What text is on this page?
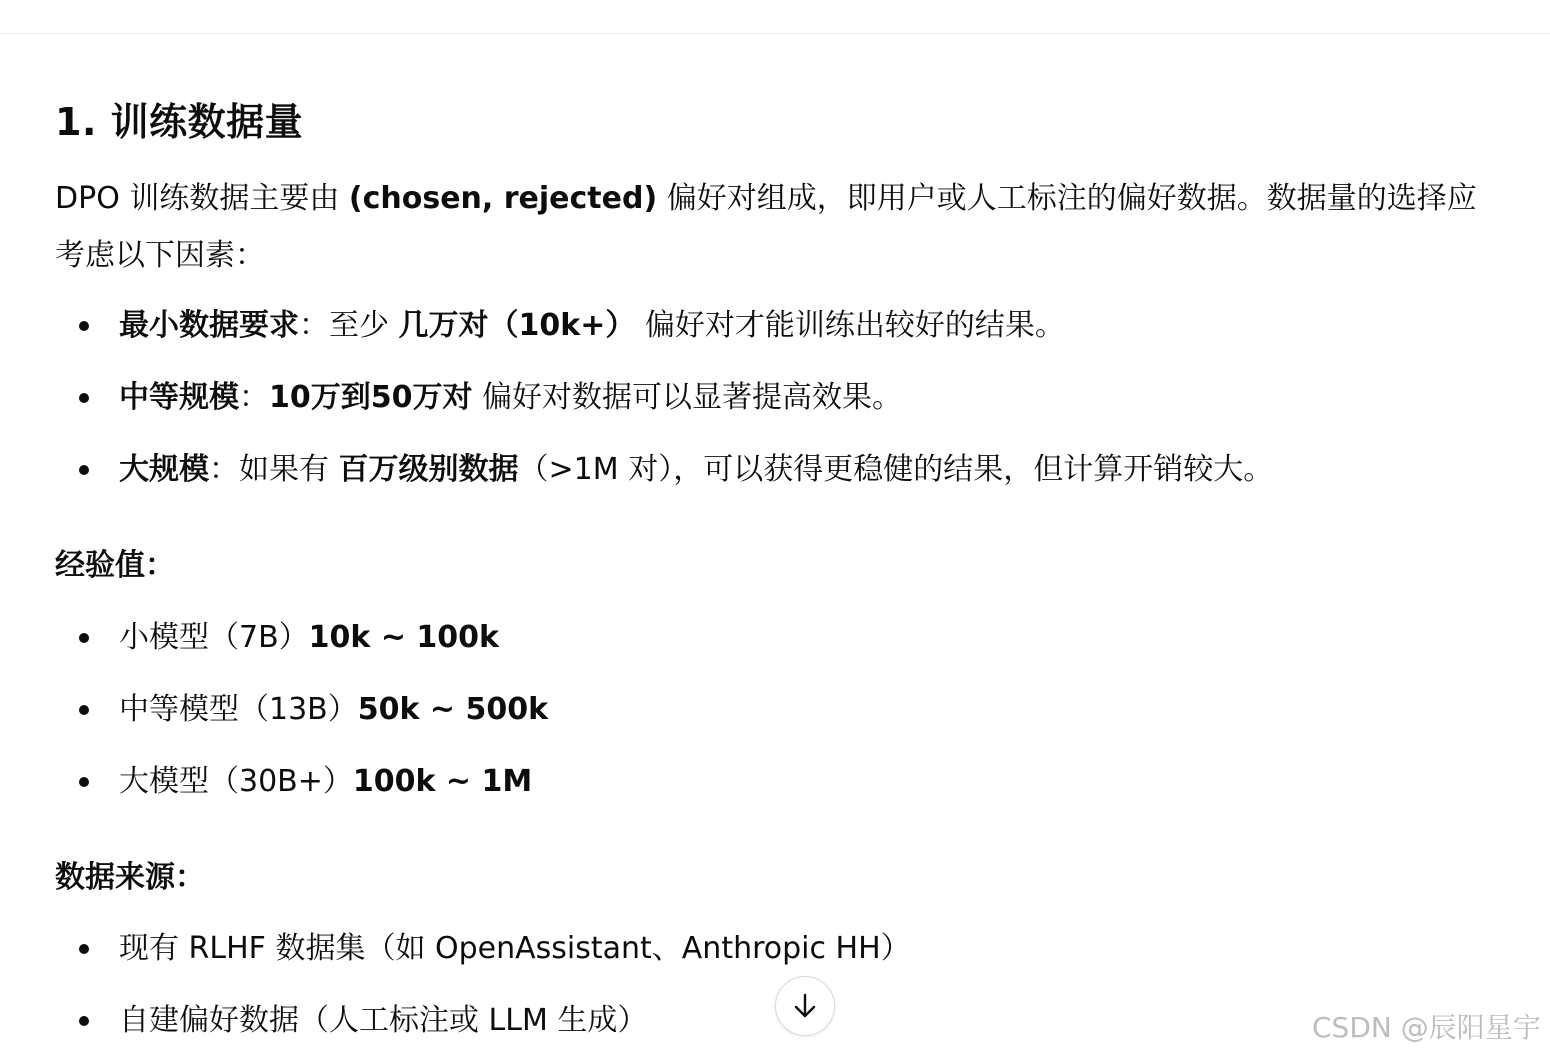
1. 训练数据量

DPO 训练数据主要由 (chosen, rejected) 偏好对组成，即用户或人工标注的偏好数据。数据量的选择应考虑以下因素：

最小数据要求：至少 几万对（10k+） 偏好对才能训练出较好的结果。
中等规模：10万到50万对 偏好对数据可以显著提高效果。
大规模：如果有 百万级别数据（>1M 对），可以获得更稳健的结果，但计算开销较大。

经验值：

小模型（7B）10k ~ 100k
中等模型（13B）50k ~ 500k
大模型（30B+）100k ~ 1M

数据来源：

现有 RLHF 数据集（如 OpenAssistant、Anthropic HH）
自建偏好数据（人工标注或 LLM 生成）	CSDN @辰阳星宇
